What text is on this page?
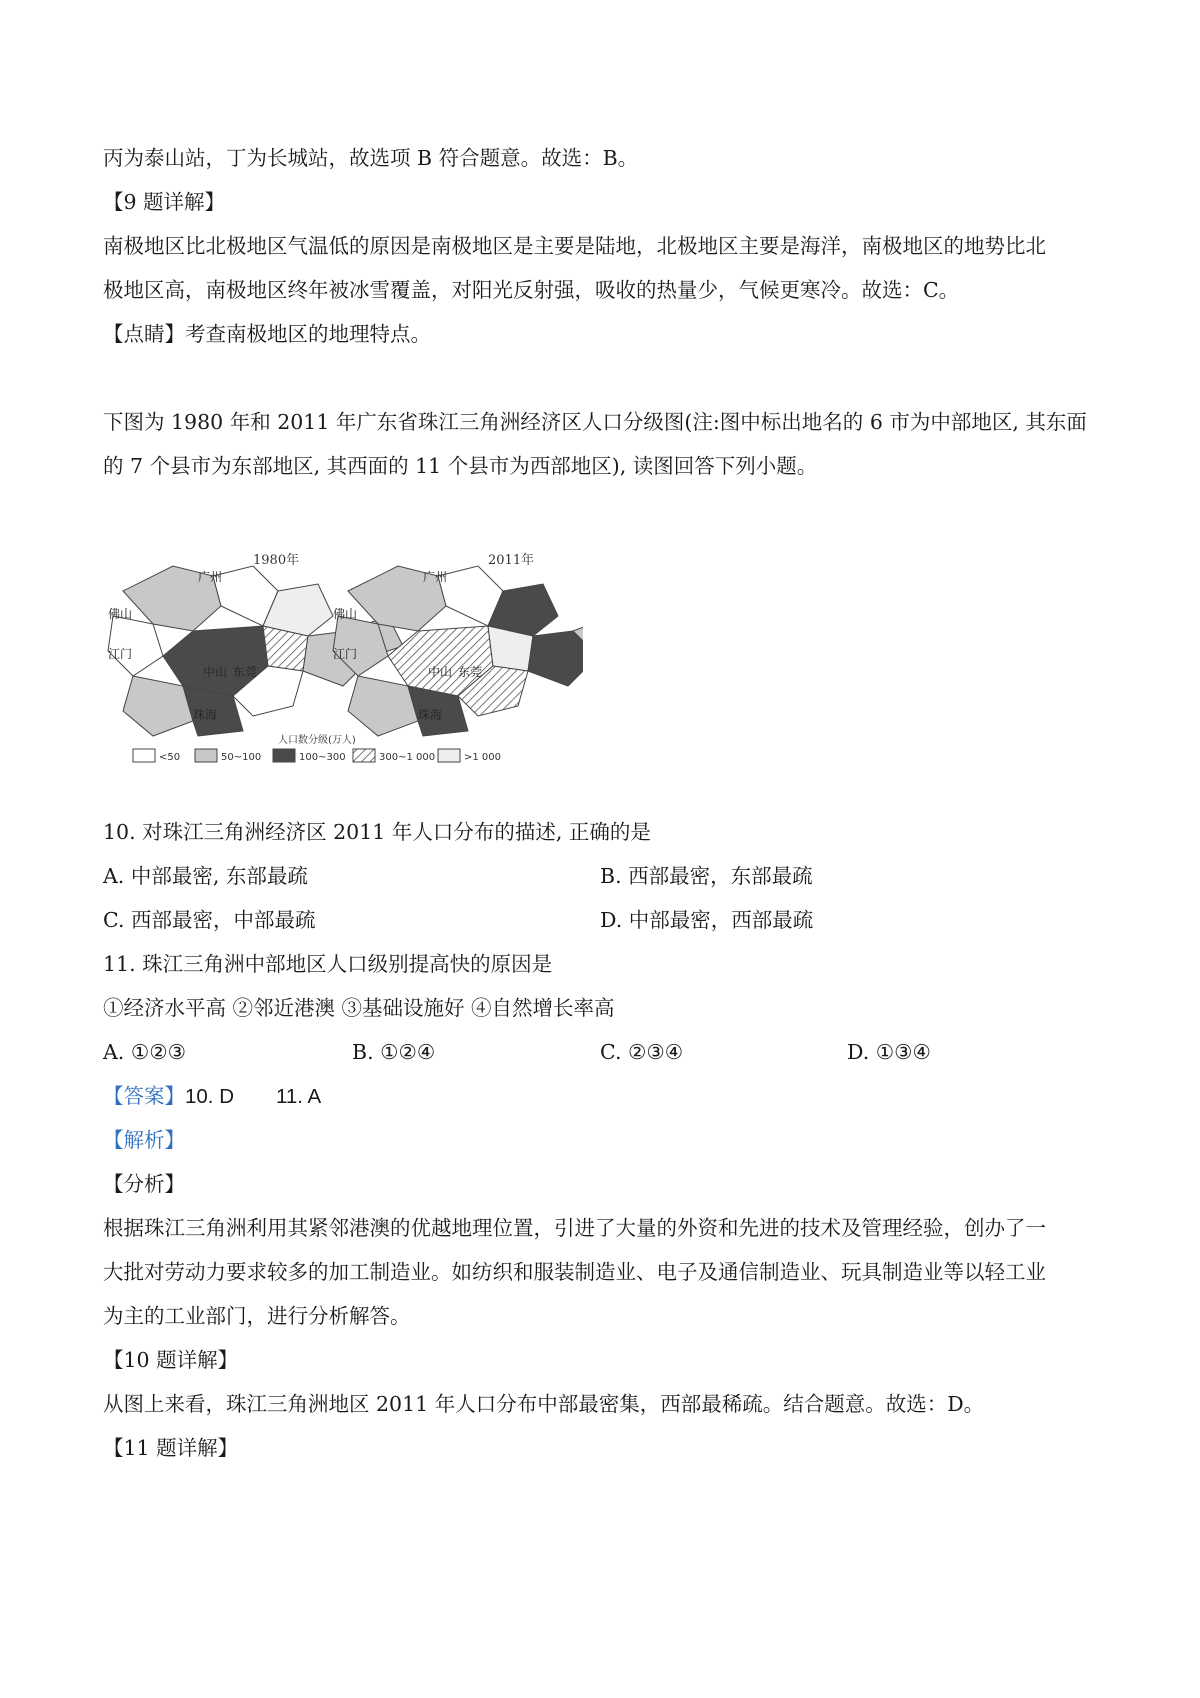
丙为泰山站，丁为长城站，故选项 B 符合题意。故选：B。
【9 题详解】
南极地区比北极地区气温低的原因是南极地区是主要是陆地，北极地区主要是海洋，南极地区的地势比北
极地区高，南极地区终年被冰雪覆盖，对阳光反射强，吸收的热量少，气候更寒冷。故选：C。
【点睛】考查南极地区的地理特点。
下图为 1980 年和 2011 年广东省珠江三角洲经济区人口分级图(注:图中标出地名的 6 市为中部地区, 其东面
的 7 个县市为东部地区, 其西面的 11 个县市为西部地区), 读图回答下列小题。
1980年
广州
佛山
江门
中山 东莞
珠海
2011年
广州
佛山
江门
中山 东莞
珠海
人口数分级(万人)
<50	50~100	100~300	300~1 000	>1 000
10. 对珠江三角洲经济区 2011 年人口分布的描述, 正确的是
A. 中部最密, 东部最疏	B. 西部最密，东部最疏
C. 西部最密，中部最疏	D. 中部最密，西部最疏
11. 珠江三角洲中部地区人口级别提高快的原因是
①经济水平高 ②邻近港澳 ③基础设施好 ④自然增长率高
A. ①②③	B. ①②④	C. ②③④	D. ①③④
【答案】10. D 11. A
【解析】
【分析】
根据珠江三角洲利用其紧邻港澳的优越地理位置，引进了大量的外资和先进的技术及管理经验，创办了一
大批对劳动力要求较多的加工制造业。如纺织和服装制造业、电子及通信制造业、玩具制造业等以轻工业
为主的工业部门，进行分析解答。
【10 题详解】
从图上来看，珠江三角洲地区 2011 年人口分布中部最密集，西部最稀疏。结合题意。故选：D。
【11 题详解】
